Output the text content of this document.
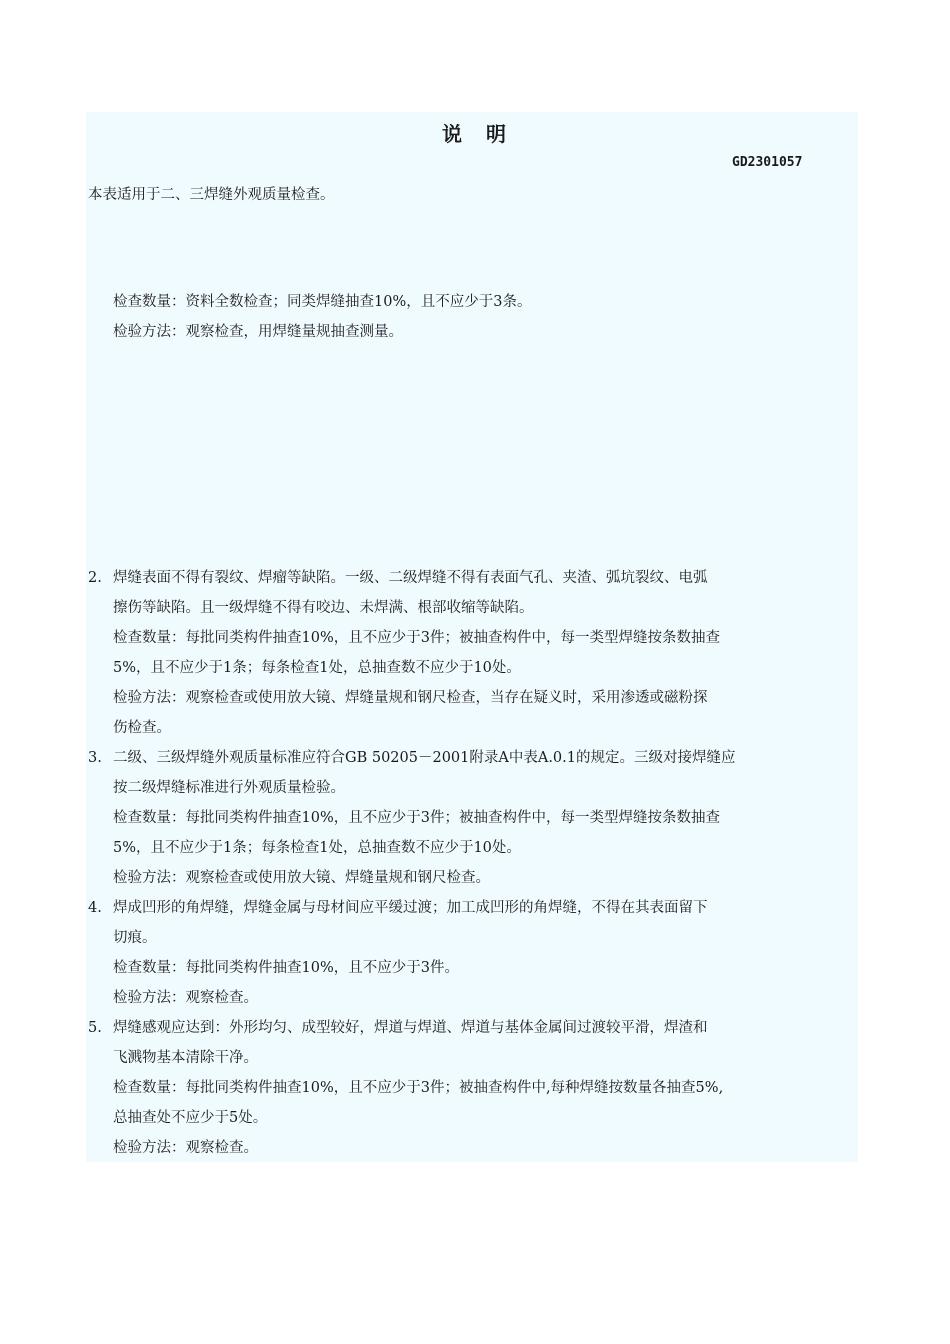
说　明
GD2301057
本表适用于二、三焊缝外观质量检查。
检查数量：资料全数检查；同类焊缝抽查10%，且不应少于3条。
检验方法：观察检查，用焊缝量规抽查测量。
2. 焊缝表面不得有裂纹、焊瘤等缺陷。一级、二级焊缝不得有表面气孔、夹渣、弧坑裂纹、电弧
擦伤等缺陷。且一级焊缝不得有咬边、未焊满、根部收缩等缺陷。
检查数量：每批同类构件抽查10%，且不应少于3件；被抽查构件中，每一类型焊缝按条数抽查
5%，且不应少于1条；每条检查1处，总抽查数不应少于10处。
检验方法：观察检查或使用放大镜、焊缝量规和钢尺检查，当存在疑义时，采用渗透或磁粉探
伤检查。
3. 二级、三级焊缝外观质量标准应符合GB 50205－2001附录A中表A.0.1的规定。三级对接焊缝应
按二级焊缝标准进行外观质量检验。
检查数量：每批同类构件抽查10%，且不应少于3件；被抽查构件中，每一类型焊缝按条数抽查
5%，且不应少于1条；每条检查1处，总抽查数不应少于10处。
检验方法：观察检查或使用放大镜、焊缝量规和钢尺检查。
4. 焊成凹形的角焊缝，焊缝金属与母材间应平缓过渡；加工成凹形的角焊缝，不得在其表面留下
切痕。
检查数量：每批同类构件抽查10%，且不应少于3件。
检验方法：观察检查。
5. 焊缝感观应达到：外形均匀、成型较好，焊道与焊道、焊道与基体金属间过渡较平滑，焊渣和
飞溅物基本清除干净。
检查数量：每批同类构件抽查10%，且不应少于3件；被抽查构件中,每种焊缝按数量各抽查5%,
总抽查处不应少于5处。
检验方法：观察检查。
